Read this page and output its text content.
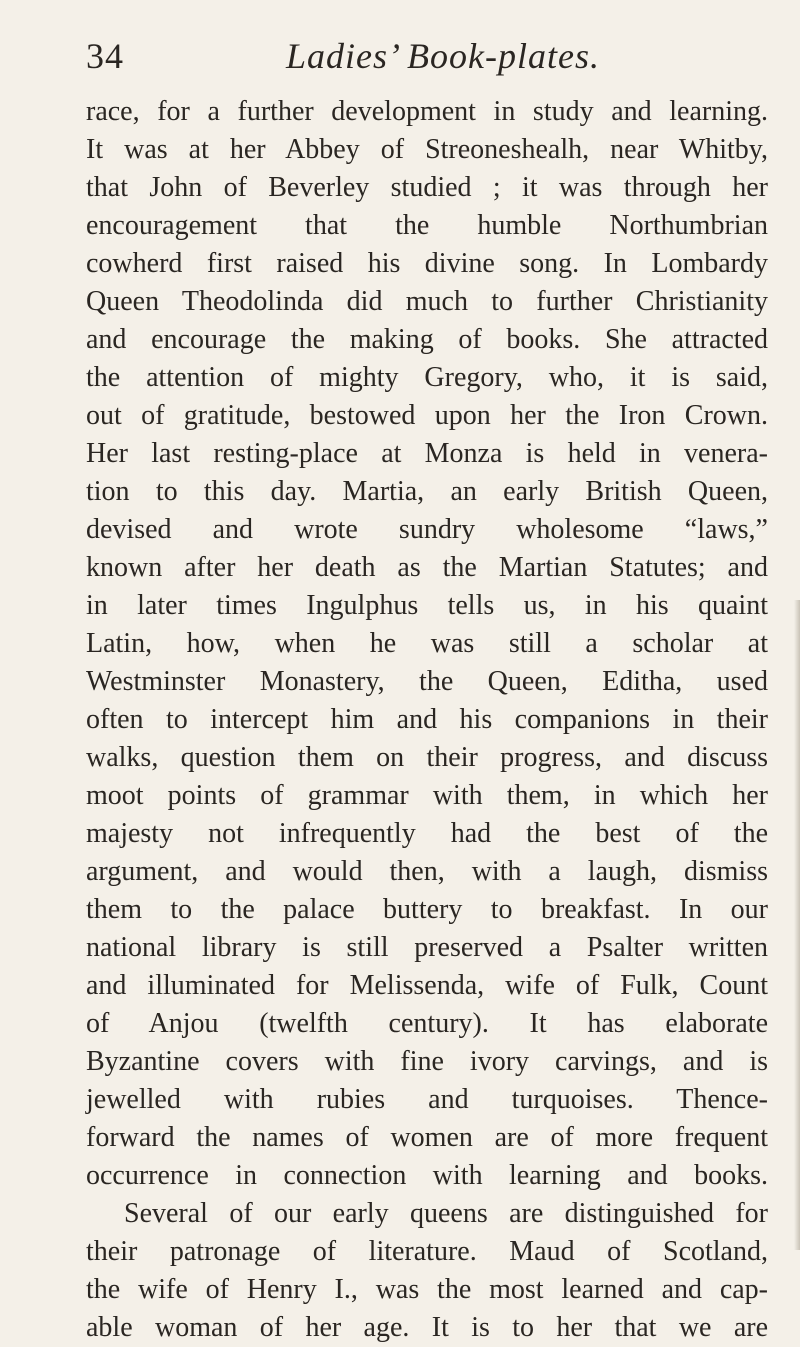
34	Ladies’ Book-plates.
race, for a further development in study and learning.
It was at her Abbey of Streoneshealh, near Whitby,
that John of Beverley studied ; it was through her
encouragement that the humble Northumbrian
cowherd first raised his divine song. In Lombardy
Queen Theodolinda did much to further Christianity
and encourage the making of books. She attracted
the attention of mighty Gregory, who, it is said,
out of gratitude, bestowed upon her the Iron Crown.
Her last resting-place at Monza is held in venera-
tion to this day. Martia, an early British Queen,
devised and wrote sundry wholesome “laws,”
known after her death as the Martian Statutes; and
in later times Ingulphus tells us, in his quaint
Latin, how, when he was still a scholar at
Westminster Monastery, the Queen, Editha, used
often to intercept him and his companions in their
walks, question them on their progress, and discuss
moot points of grammar with them, in which her
majesty not infrequently had the best of the
argument, and would then, with a laugh, dismiss
them to the palace buttery to breakfast. In our
national library is still preserved a Psalter written
and illuminated for Melissenda, wife of Fulk, Count
of Anjou (twelfth century). It has elaborate
Byzantine covers with fine ivory carvings, and is
jewelled with rubies and turquoises. Thence-
forward the names of women are of more frequent
occurrence in connection with learning and books.
Several of our early queens are distinguished for
their patronage of literature. Maud of Scotland,
the wife of Henry I., was the most learned and cap-
able woman of her age. It is to her that we are
